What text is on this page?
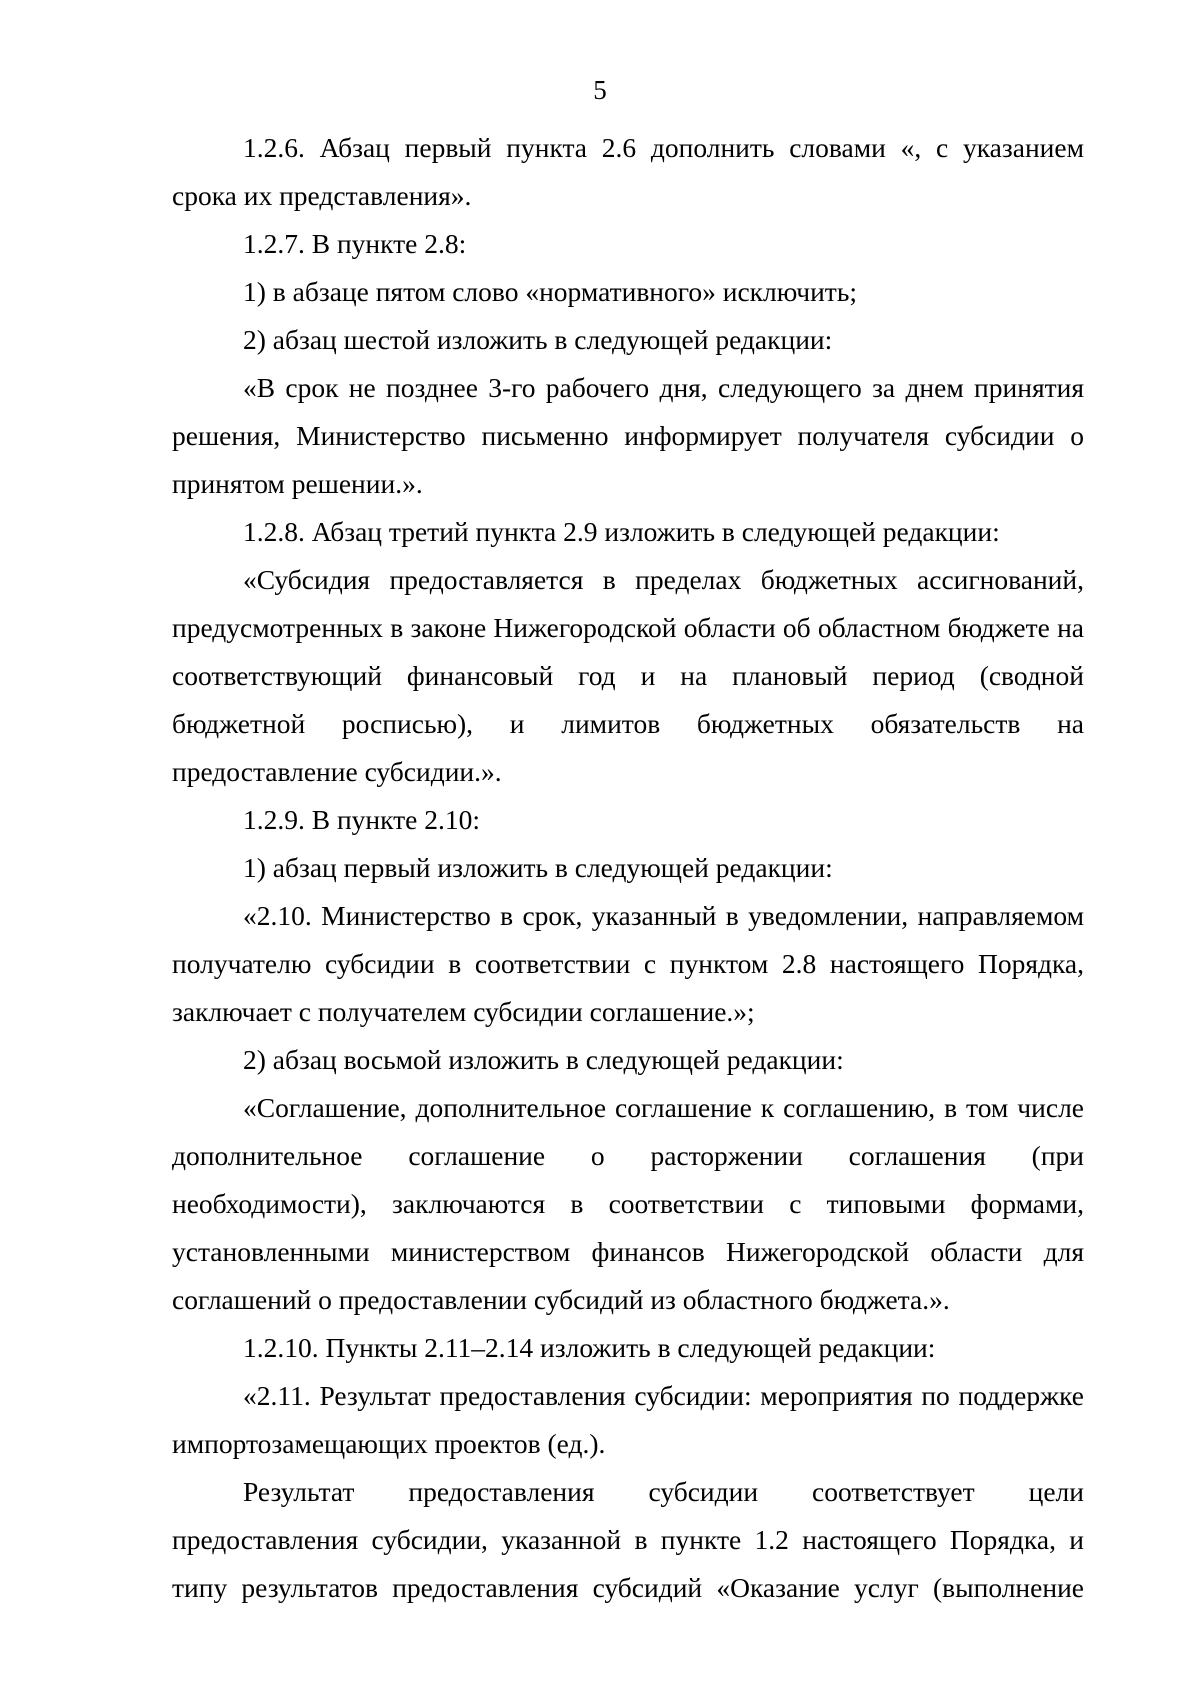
5

1.2.6. Абзац первый пункта 2.6 дополнить словами «, с указанием срока их представления».

1.2.7. В пункте 2.8:

1) в абзаце пятом слово «нормативного» исключить;

2) абзац шестой изложить в следующей редакции:

«В срок не позднее 3-го рабочего дня, следующего за днем принятия решения, Министерство письменно информирует получателя субсидии о принятом решении.».

1.2.8. Абзац третий пункта 2.9 изложить в следующей редакции:

«Субсидия предоставляется в пределах бюджетных ассигнований, предусмотренных в законе Нижегородской области об областном бюджете на соответствующий финансовый год и на плановый период (сводной бюджетной росписью), и лимитов бюджетных обязательств на предоставление субсидии.».

1.2.9. В пункте 2.10:

1) абзац первый изложить в следующей редакции:

«2.10. Министерство в срок, указанный в уведомлении, направляемом получателю субсидии в соответствии с пунктом 2.8 настоящего Порядка, заключает с получателем субсидии соглашение.»;

2) абзац восьмой изложить в следующей редакции:

«Соглашение, дополнительное соглашение к соглашению, в том числе дополнительное соглашение о расторжении соглашения (при необходимости), заключаются в соответствии с типовыми формами, установленными министерством финансов Нижегородской области для соглашений о предоставлении субсидий из областного бюджета.».

1.2.10. Пункты 2.11–2.14 изложить в следующей редакции:

«2.11. Результат предоставления субсидии: мероприятия по поддержке импортозамещающих проектов (ед.).

Результат предоставления субсидии соответствует цели предоставления субсидии, указанной в пункте 1.2 настоящего Порядка, и типу результатов предоставления субсидий «Оказание услуг (выполнение
